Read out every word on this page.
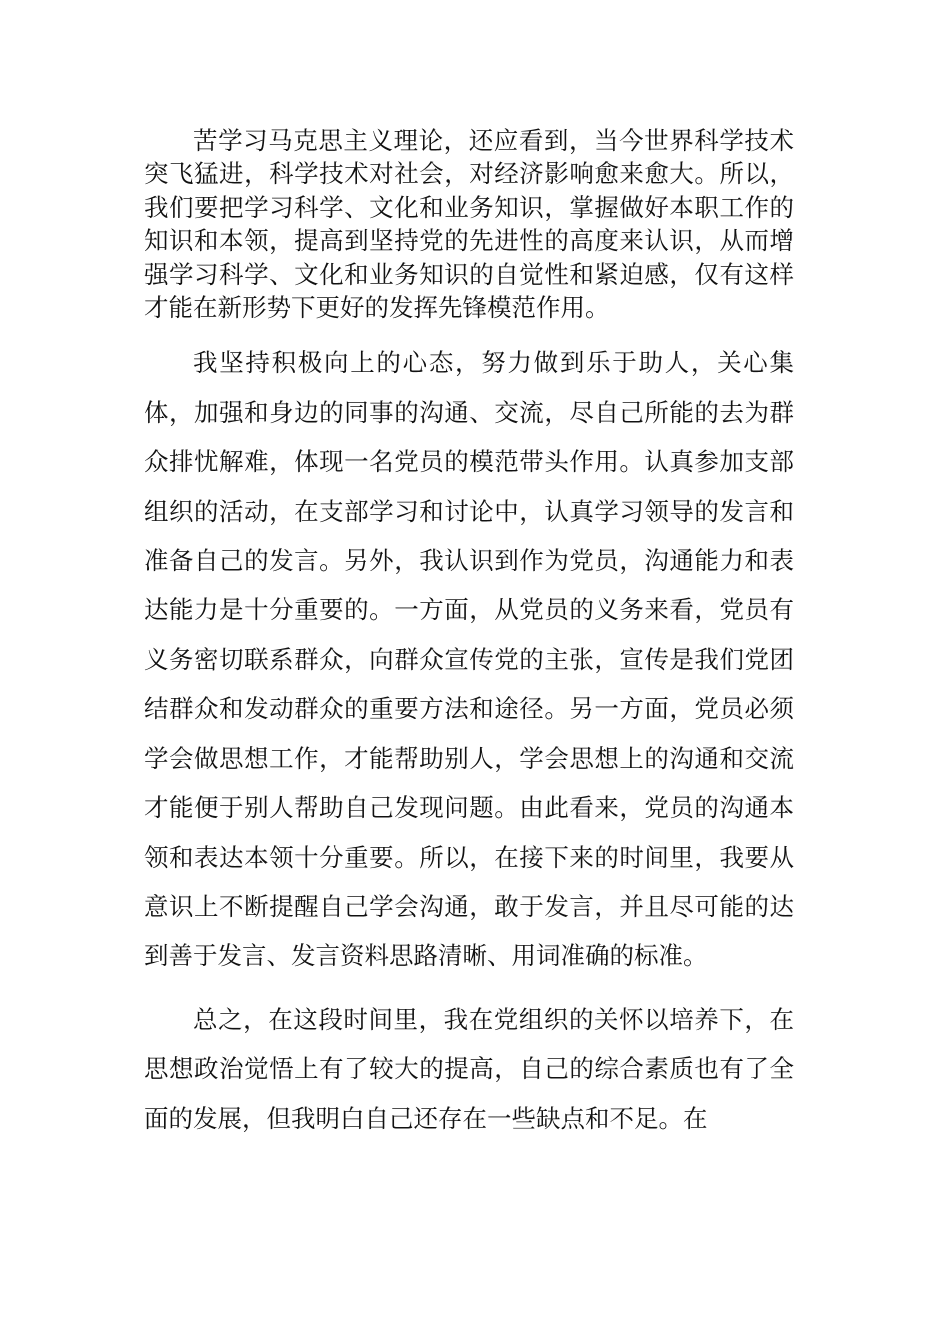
苦学习马克思主义理论，还应看到，当今世界科学技术突飞猛进，科学技术对社会，对经济影响愈来愈大。所以，我们要把学习科学、文化和业务知识，掌握做好本职工作的知识和本领，提高到坚持党的先进性的高度来认识，从而增强学习科学、文化和业务知识的自觉性和紧迫感，仅有这样才能在新形势下更好的发挥先锋模范作用。

我坚持积极向上的心态，努力做到乐于助人，关心集体，加强和身边的同事的沟通、交流，尽自己所能的去为群众排忧解难，体现一名党员的模范带头作用。认真参加支部组织的活动，在支部学习和讨论中，认真学习领导的发言和准备自己的发言。另外，我认识到作为党员，沟通能力和表达能力是十分重要的。一方面，从党员的义务来看，党员有义务密切联系群众，向群众宣传党的主张，宣传是我们党团结群众和发动群众的重要方法和途径。另一方面，党员必须学会做思想工作，才能帮助别人，学会思想上的沟通和交流才能便于别人帮助自己发现问题。由此看来，党员的沟通本领和表达本领十分重要。所以，在接下来的时间里，我要从意识上不断提醒自己学会沟通，敢于发言，并且尽可能的达到善于发言、发言资料思路清晰、用词准确的标准。

总之，在这段时间里，我在党组织的关怀以培养下，在思想政治觉悟上有了较大的提高，自己的综合素质也有了全面的发展，但我明白自己还存在一些缺点和不足。在
